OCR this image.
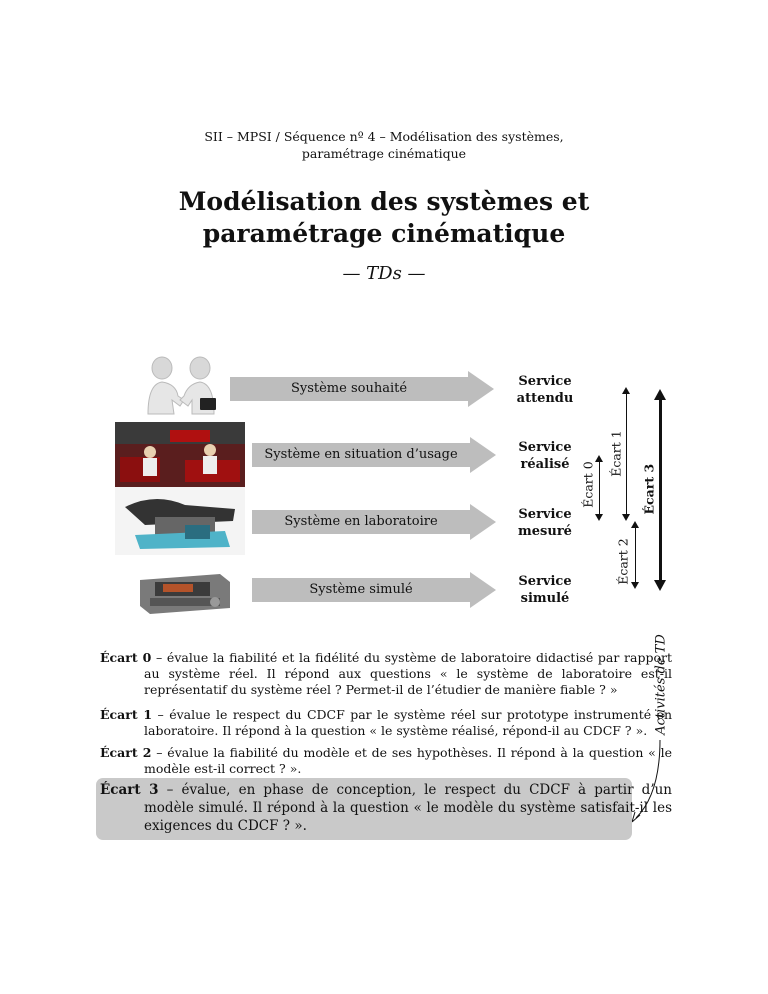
SII – MPSI / Séquence nº 4 – Modélisation des systèmes,
paramétrage cinématique
Modélisation des systèmes et
paramétrage cinématique
— TDs —
Système souhaité
Système en situation d’usage
Système en laboratoire
Système simulé
Service
attendu
Service
réalisé
Service
mesuré
Service
simulé
Écart 0
Écart 1
Écart 2
Écart 3
Activités de TD
Écart 0 – évalue la fiabilité et la fidélité du système de laboratoire didactisé par rapport au système réel. Il répond aux questions « le système de laboratoire est-il représentatif du système réel ? Permet-il de l’étudier de manière fiable ? »
Écart 1 – évalue le respect du CDCF par le système réel sur prototype instrumenté en laboratoire. Il répond à la question « le système réalisé, répond-il au CDCF ? ».
Écart 2 – évalue la fiabilité du modèle et de ses hypothèses. Il répond à la question « le modèle est-il correct ? ».
Écart 3 – évalue, en phase de conception, le respect du CDCF à partir d’un modèle simulé. Il répond à la question « le modèle du système satisfait-il les exigences du CDCF ? ».
